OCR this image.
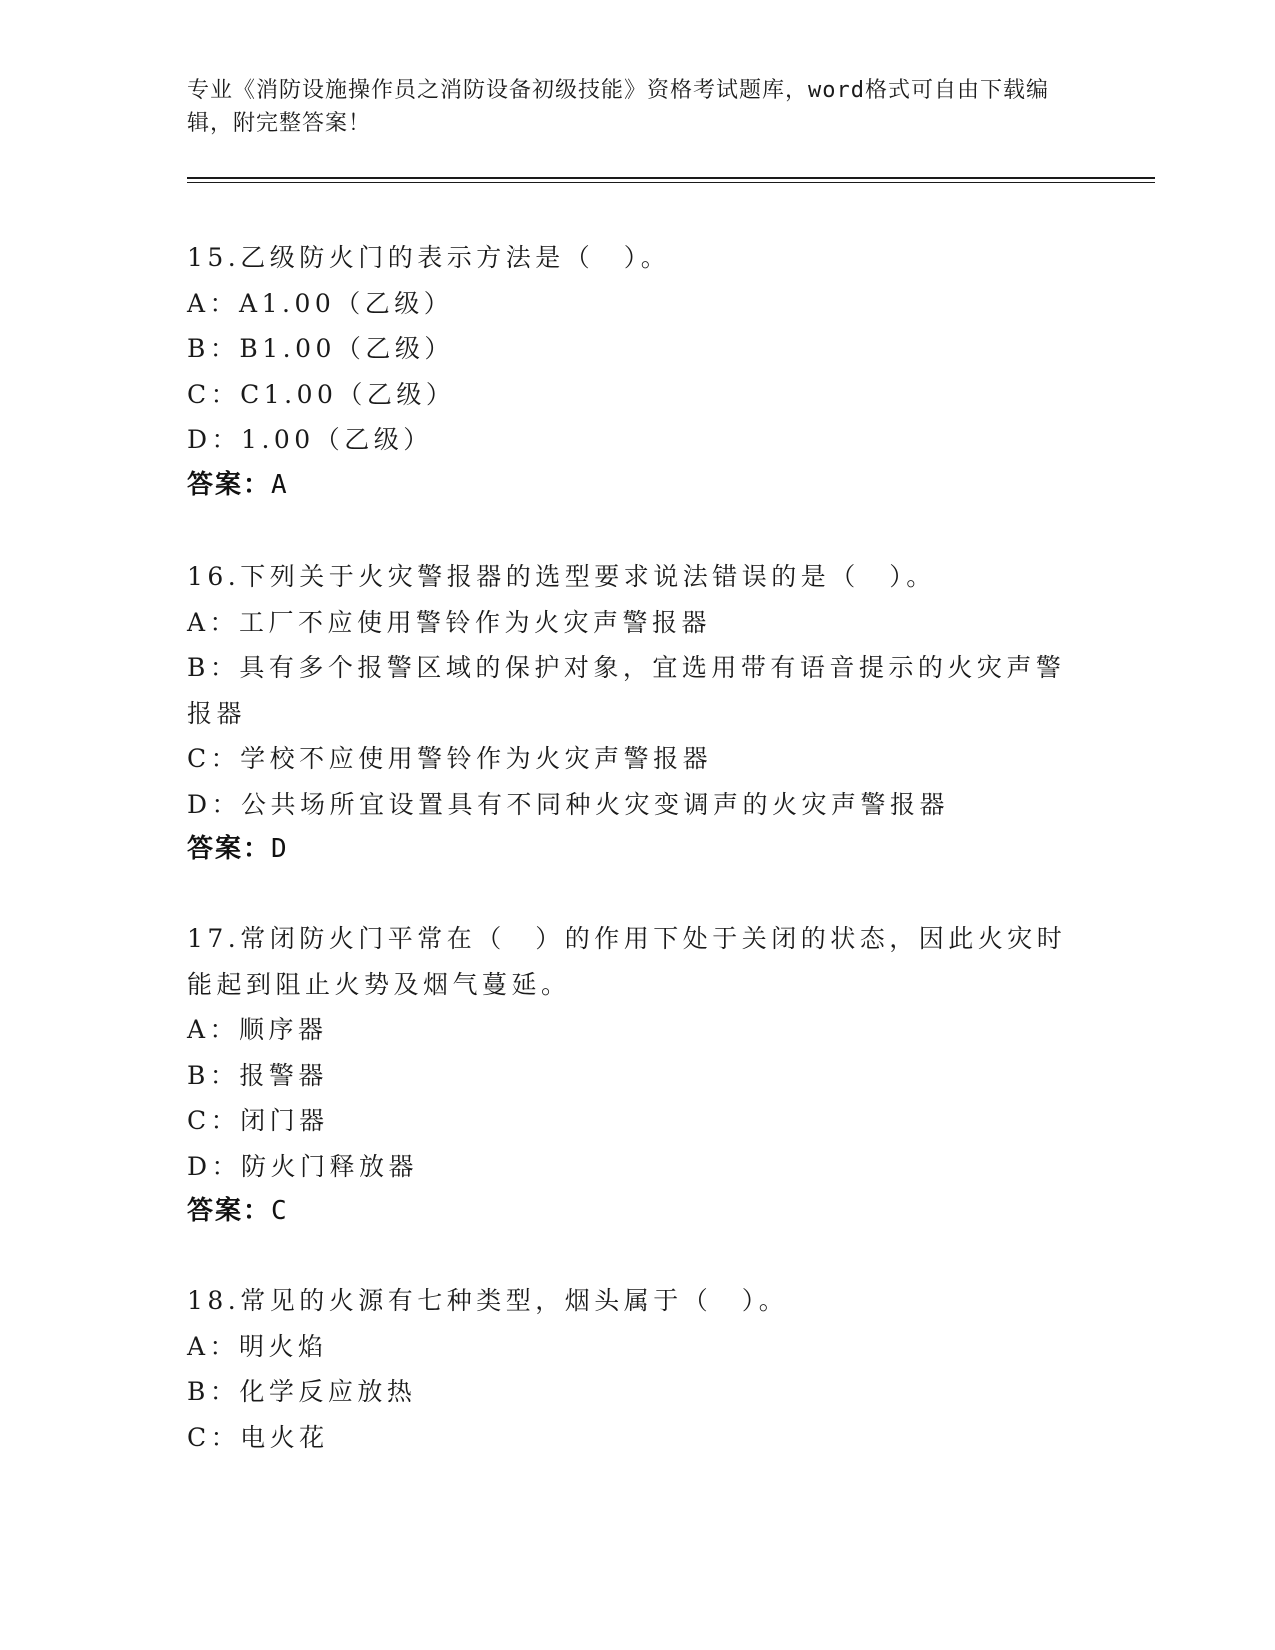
专业《消防设施操作员之消防设备初级技能》资格考试题库，word格式可自由下载编辑，附完整答案！
15.乙级防火门的表示方法是（　）。
A：A1.00（乙级）
B：B1.00（乙级）
C：C1.00（乙级）
D：1.00（乙级）
答案：A
16.下列关于火灾警报器的选型要求说法错误的是（　）。
A：工厂不应使用警铃作为火灾声警报器
B：具有多个报警区域的保护对象，宜选用带有语音提示的火灾声警报器
C：学校不应使用警铃作为火灾声警报器
D：公共场所宜设置具有不同种火灾变调声的火灾声警报器
答案：D
17.常闭防火门平常在（　）的作用下处于关闭的状态，因此火灾时能起到阻止火势及烟气蔓延。
A：顺序器
B：报警器
C：闭门器
D：防火门释放器
答案：C
18.常见的火源有七种类型，烟头属于（　）。
A：明火焰
B：化学反应放热
C：电火花
